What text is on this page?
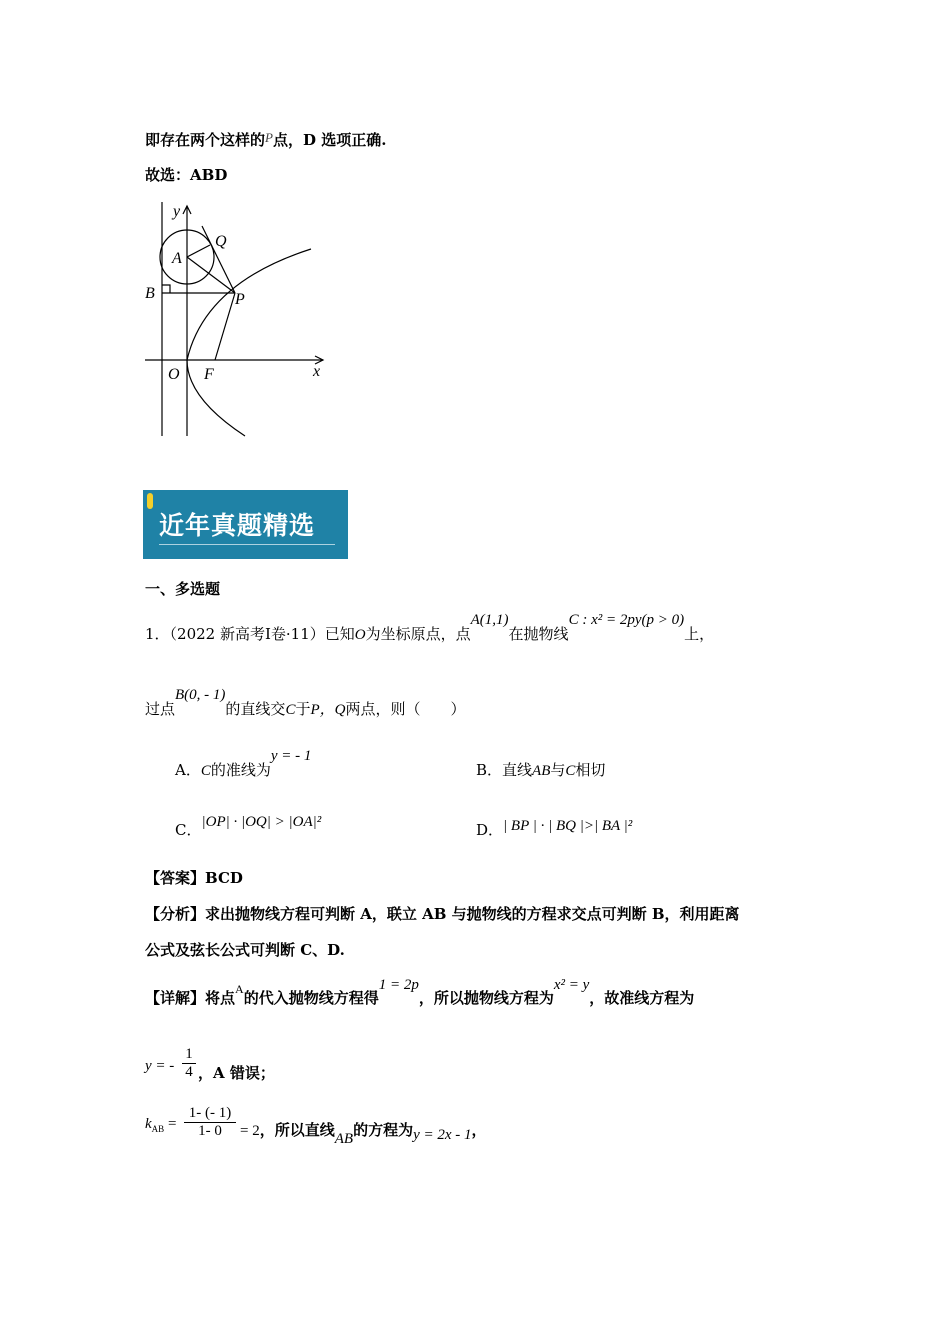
即存在两个这样的P点，D 选项正确.
故选：ABD
y
x
A
Q
B	P
O F
近年真题精选
一、多选题
1．（2022 新高考Ⅰ卷·11）已知O为坐标原点，点A(1,1)在抛物线C : x² = 2py(p > 0)上，
过点B(0, - 1)的直线交C于P，Q两点，则（　　）
A．C的准线为y = - 1
B．直线AB与C相切
C．|OP| · |OQ| > |OA|²	D．| BP | · | BQ |>| BA |²
【答案】BCD
【分析】求出抛物线方程可判断 A，联立 AB 与抛物线的方程求交点可判断 B，利用距离
公式及弦长公式可判断 C、D.
【详解】将点$^A$的代入抛物线方程得1 = 2p，所以抛物线方程为x² = y，故准线方程为
y = -
1
4 ，A 错误；
$k_{AB}$ =
1- (- 1)
1- 0	= 2，所以直线AB的方程为y = 2x - 1，
